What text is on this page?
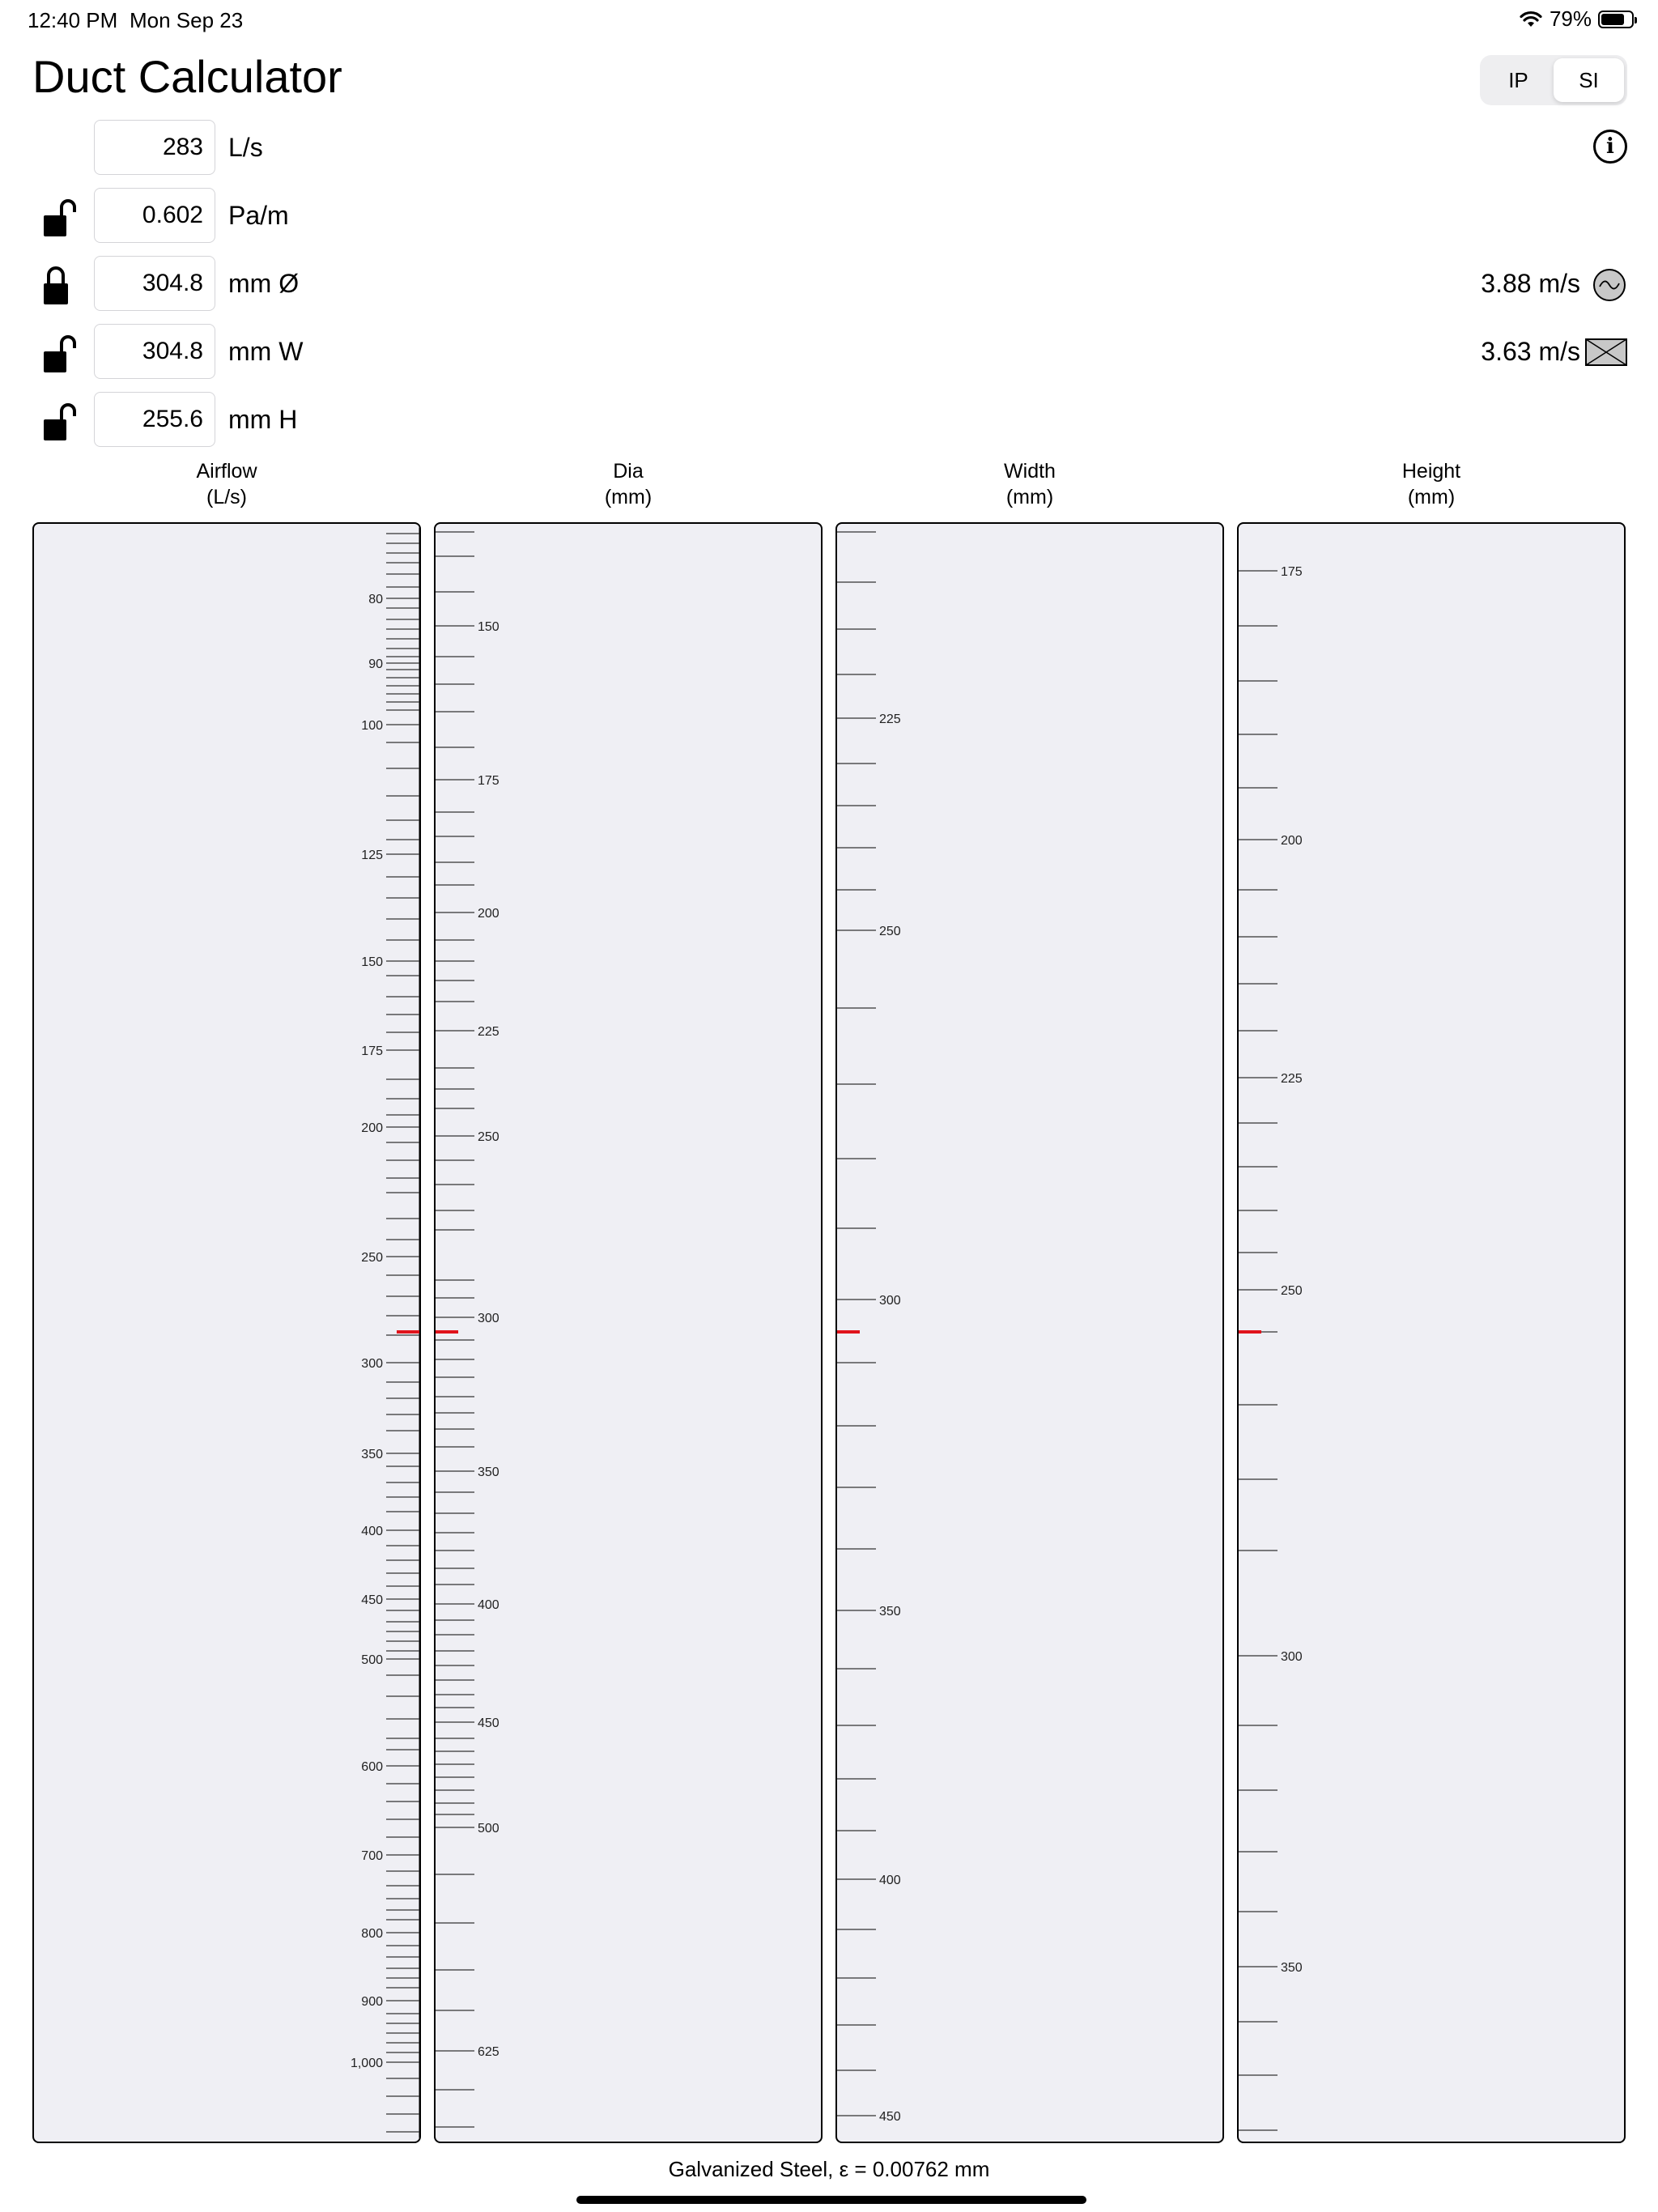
12:40 PM Mon Sep 23	79%
Duct Calculator	IP	SI
i
283 L/s
0.602 Pa/m
304.8 mm Ø	3.88 m/s
304.8 mm W	3.63 m/s
255.6 mm H
Airflow
(L/s)
Dia
(mm)
Width
(mm)
Height
(mm)
80
90
100
125
150
175
200
250
300
350
400
450
500
600
700
800
900
1,000
150
175
200
225
250
300
350
400
450
500
625
225
250
300
350
400
450
175
200
225
250
300
350
Galvanized Steel, ε = 0.00762 mm
